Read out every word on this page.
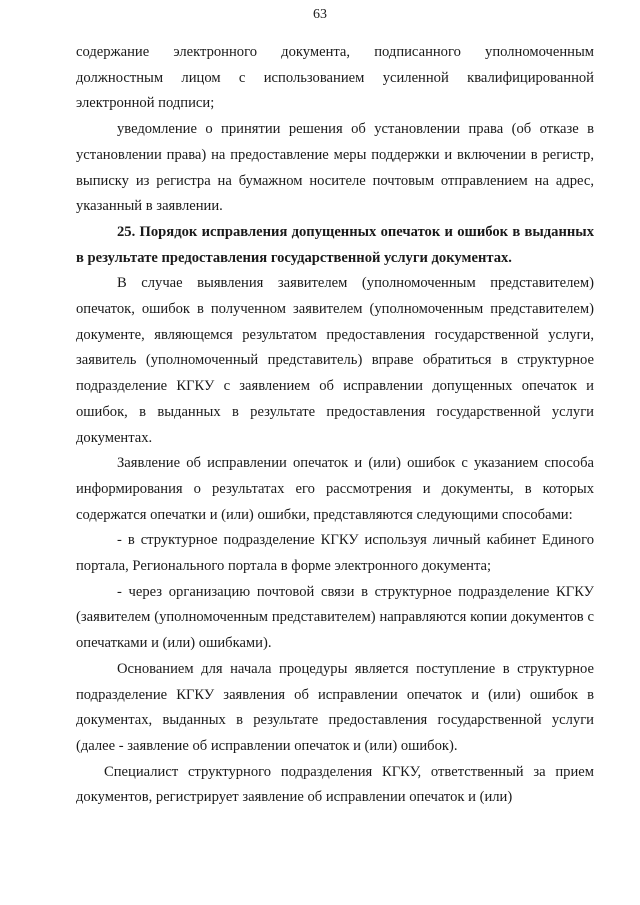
63

содержание электронного документа, подписанного уполномоченным должностным лицом с использованием усиленной квалифицированной электронной подписи;

уведомление о принятии решения об установлении права (об отказе в установлении права) на предоставление меры поддержки и включении в регистр, выписку из регистра на бумажном носителе почтовым отправлением на адрес, указанный в заявлении.

25. Порядок исправления допущенных опечаток и ошибок в выданных в результате предоставления государственной услуги документах.

В случае выявления заявителем (уполномоченным представителем) опечаток, ошибок в полученном заявителем (уполномоченным представителем) документе, являющемся результатом предоставления государственной услуги, заявитель (уполномоченный представитель) вправе обратиться в структурное подразделение КГКУ с заявлением об исправлении допущенных опечаток и ошибок, в выданных в результате предоставления государственной услуги документах.

Заявление об исправлении опечаток и (или) ошибок с указанием способа информирования о результатах его рассмотрения и документы, в которых содержатся опечатки и (или) ошибки, представляются следующими способами:

- в структурное подразделение КГКУ используя личный кабинет Единого портала, Регионального портала в форме электронного документа;

- через организацию почтовой связи в структурное подразделение КГКУ (заявителем (уполномоченным представителем) направляются копии документов с опечатками и (или) ошибками).

Основанием для начала процедуры является поступление в структурное подразделение КГКУ заявления об исправлении опечаток и (или) ошибок в документах, выданных в результате предоставления государственной услуги (далее - заявление об исправлении опечаток и (или) ошибок).

Специалист структурного подразделения КГКУ, ответственный за прием документов, регистрирует заявление об исправлении опечаток и (или)
